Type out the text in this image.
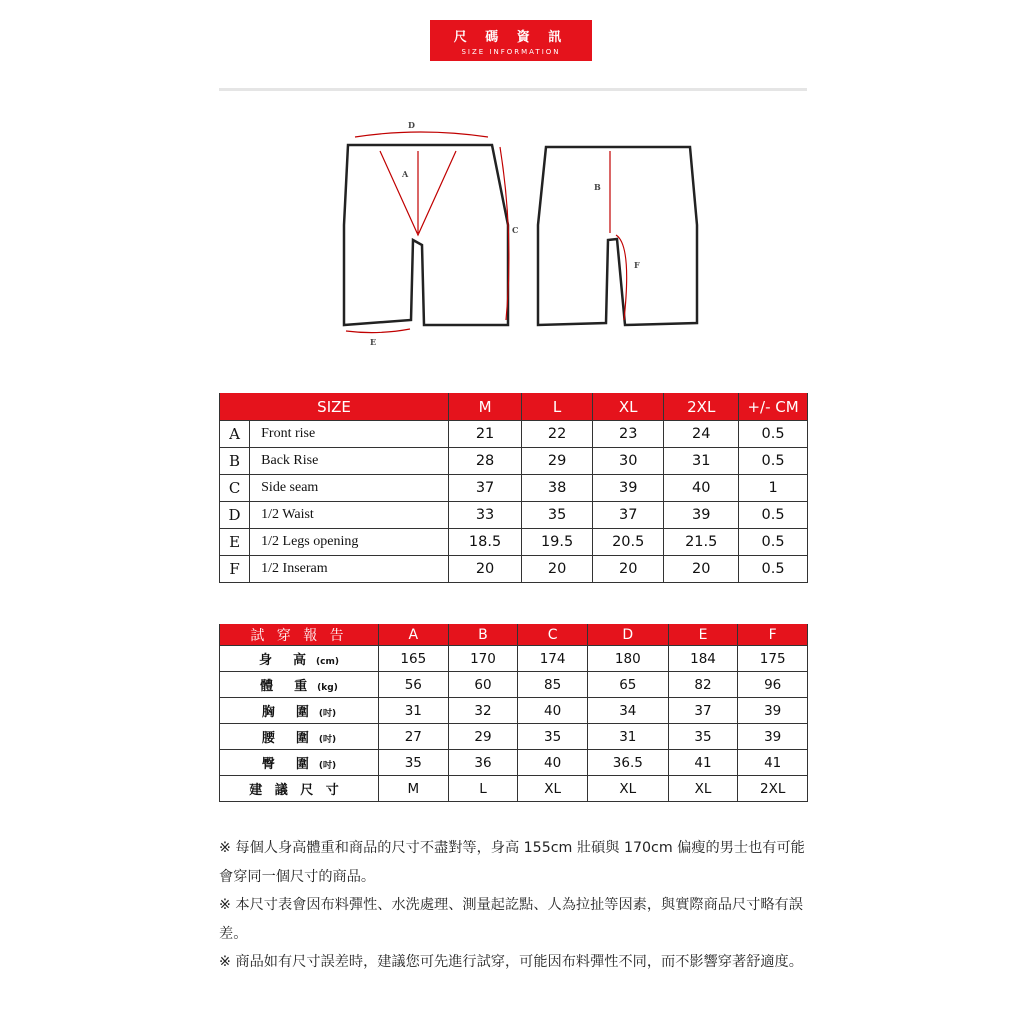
尺 碼 資 訊
SIZE INFORMATION
D
A
C
E
B
F
SIZE		M	L	XL	2XL	+/- CM
A	Front rise	21	22	23	24	0.5
B	Back Rise	28	29	30	31	0.5
C	Side seam	37	38	39	40	1
D	1/2 Waist	33	35	37	39	0.5
E	1/2 Legs opening	18.5	19.5	20.5	21.5	0.5
F	1/2 Inseram	20	20	20	20	0.5
試 穿 報 告	A	B	C	D	E	F
身　高 (cm)	165	170	174	180	184	175
體　重 (kg)	56	60	85	65	82	96
胸　圍 (吋)	31	32	40	34	37	39
腰　圍 (吋)	27	29	35	31	35	39
臀　圍 (吋)	35	36	40	36.5	41	41
建 議 尺 寸	M	L	XL	XL	XL	2XL

※ 每個人身高體重和商品的尺寸不盡對等，身高 155cm 壯碩與 170cm 偏瘦的男士也有可能會穿同一個尺寸的商品。

※ 本尺寸表會因布料彈性、水洗處理、測量起訖點、人為拉扯等因素，與實際商品尺寸略有誤差。

※ 商品如有尺寸誤差時，建議您可先進行試穿，可能因布料彈性不同，而不影響穿著舒適度。
